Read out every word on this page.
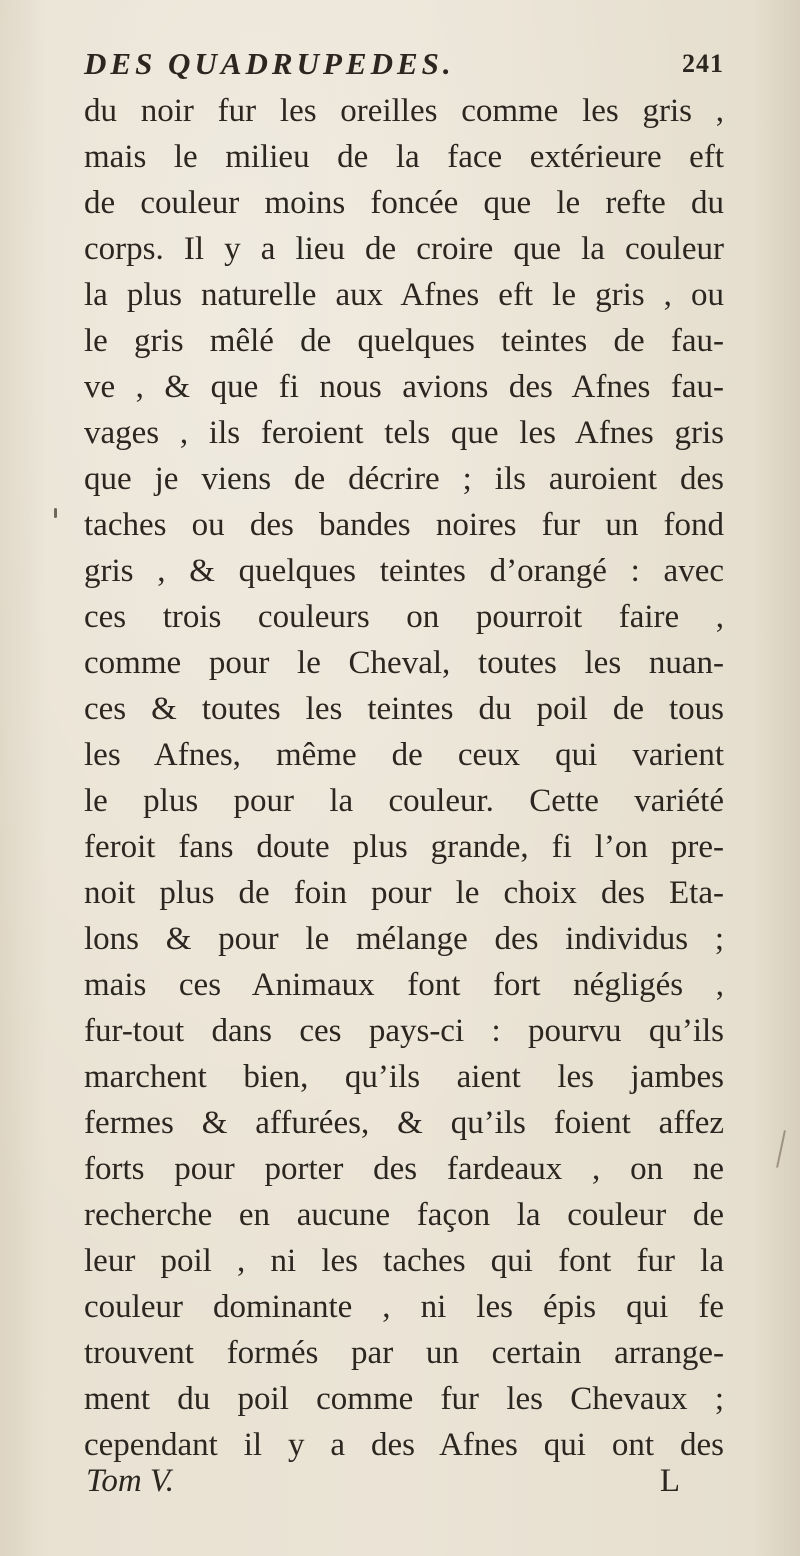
DES QUADRUPEDES.	241
du noir fur les oreilles comme les gris ,
mais le milieu de la face extérieure eft
de couleur moins foncée que le refte du
corps. Il y a lieu de croire que la couleur
la plus naturelle aux Afnes eft le gris , ou
le gris mêlé de quelques teintes de fau-
ve , & que fi nous avions des Afnes fau-
vages , ils feroient tels que les Afnes gris
que je viens de décrire ; ils auroient des
taches ou des bandes noires fur un fond
gris , & quelques teintes d’orangé : avec
ces trois couleurs on pourroit faire ,
comme pour le Cheval, toutes les nuan-
ces & toutes les teintes du poil de tous
les Afnes, même de ceux qui varient
le plus pour la couleur. Cette variété
feroit fans doute plus grande, fi l’on pre-
noit plus de foin pour le choix des Eta-
lons & pour le mélange des individus ;
mais ces Animaux font fort négligés ,
fur-tout dans ces pays-ci : pourvu qu’ils
marchent bien, qu’ils aient les jambes
fermes & affurées, & qu’ils foient affez
forts pour porter des fardeaux , on ne
recherche en aucune façon la couleur de
leur poil , ni les taches qui font fur la
couleur dominante , ni les épis qui fe
trouvent formés par un certain arrange-
ment du poil comme fur les Chevaux ;
cependant il y a des Afnes qui ont des
Tom V.	L
